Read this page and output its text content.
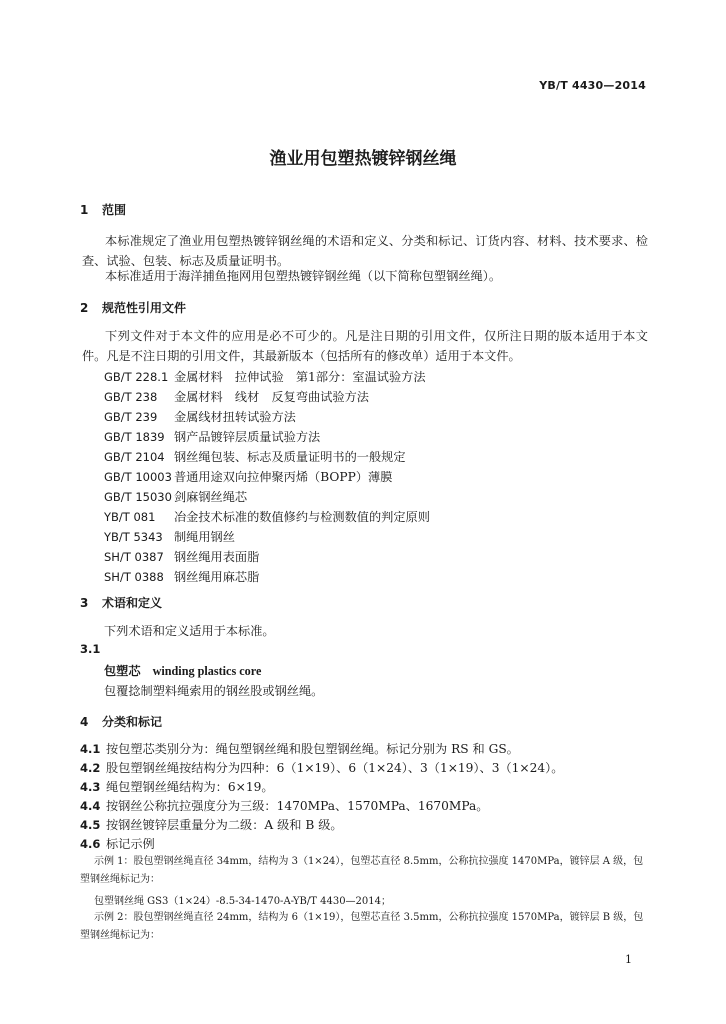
YB/T 4430—2014
渔业用包塑热镀锌钢丝绳
1 范围
本标准规定了渔业用包塑热镀锌钢丝绳的术语和定义、分类和标记、订货内容、材料、技术要求、检查、试验、包装、标志及质量证明书。
本标准适用于海洋捕鱼拖网用包塑热镀锌钢丝绳（以下简称包塑钢丝绳）。
2 规范性引用文件
下列文件对于本文件的应用是必不可少的。凡是注日期的引用文件，仅所注日期的版本适用于本文件。凡是不注日期的引用文件，其最新版本（包括所有的修改单）适用于本文件。
GB/T 228.1 金属材料　拉伸试验　第1部分：室温试验方法
GB/T 238 金属材料　线材　反复弯曲试验方法
GB/T 239 金属线材扭转试验方法
GB/T 1839 钢产品镀锌层质量试验方法
GB/T 2104 钢丝绳包装、标志及质量证明书的一般规定
GB/T 10003 普通用途双向拉伸聚丙烯（BOPP）薄膜
GB/T 15030 剑麻钢丝绳芯
YB/T 081 冶金技术标准的数值修约与检测数值的判定原则
YB/T 5343 制绳用钢丝
SH/T 0387 钢丝绳用表面脂
SH/T 0388 钢丝绳用麻芯脂
3 术语和定义
下列术语和定义适用于本标准。
3.1
包塑芯 winding plastics core
包覆捻制塑料绳索用的钢丝股或钢丝绳。
4 分类和标记
4.1 按包塑芯类别分为：绳包塑钢丝绳和股包塑钢丝绳。标记分别为 RS 和 GS。
4.2 股包塑钢丝绳按结构分为四种：6（1×19）、6（1×24）、3（1×19）、3（1×24）。
4.3 绳包塑钢丝绳结构为：6×19。
4.4 按钢丝公称抗拉强度分为三级：1470MPa、1570MPa、1670MPa。
4.5 按钢丝镀锌层重量分为二级：A 级和 B 级。
4.6 标记示例
示例 1：股包塑钢丝绳直径 34mm，结构为 3（1×24），包塑芯直径 8.5mm，公称抗拉强度 1470MPa，镀锌层 A 级，包塑钢丝绳标记为：
包塑钢丝绳 GS3（1×24）-8.5-34-1470-A-YB/T 4430—2014；
示例 2：股包塑钢丝绳直径 24mm，结构为 6（1×19），包塑芯直径 3.5mm，公称抗拉强度 1570MPa，镀锌层 B 级，包塑钢丝绳标记为：
1
